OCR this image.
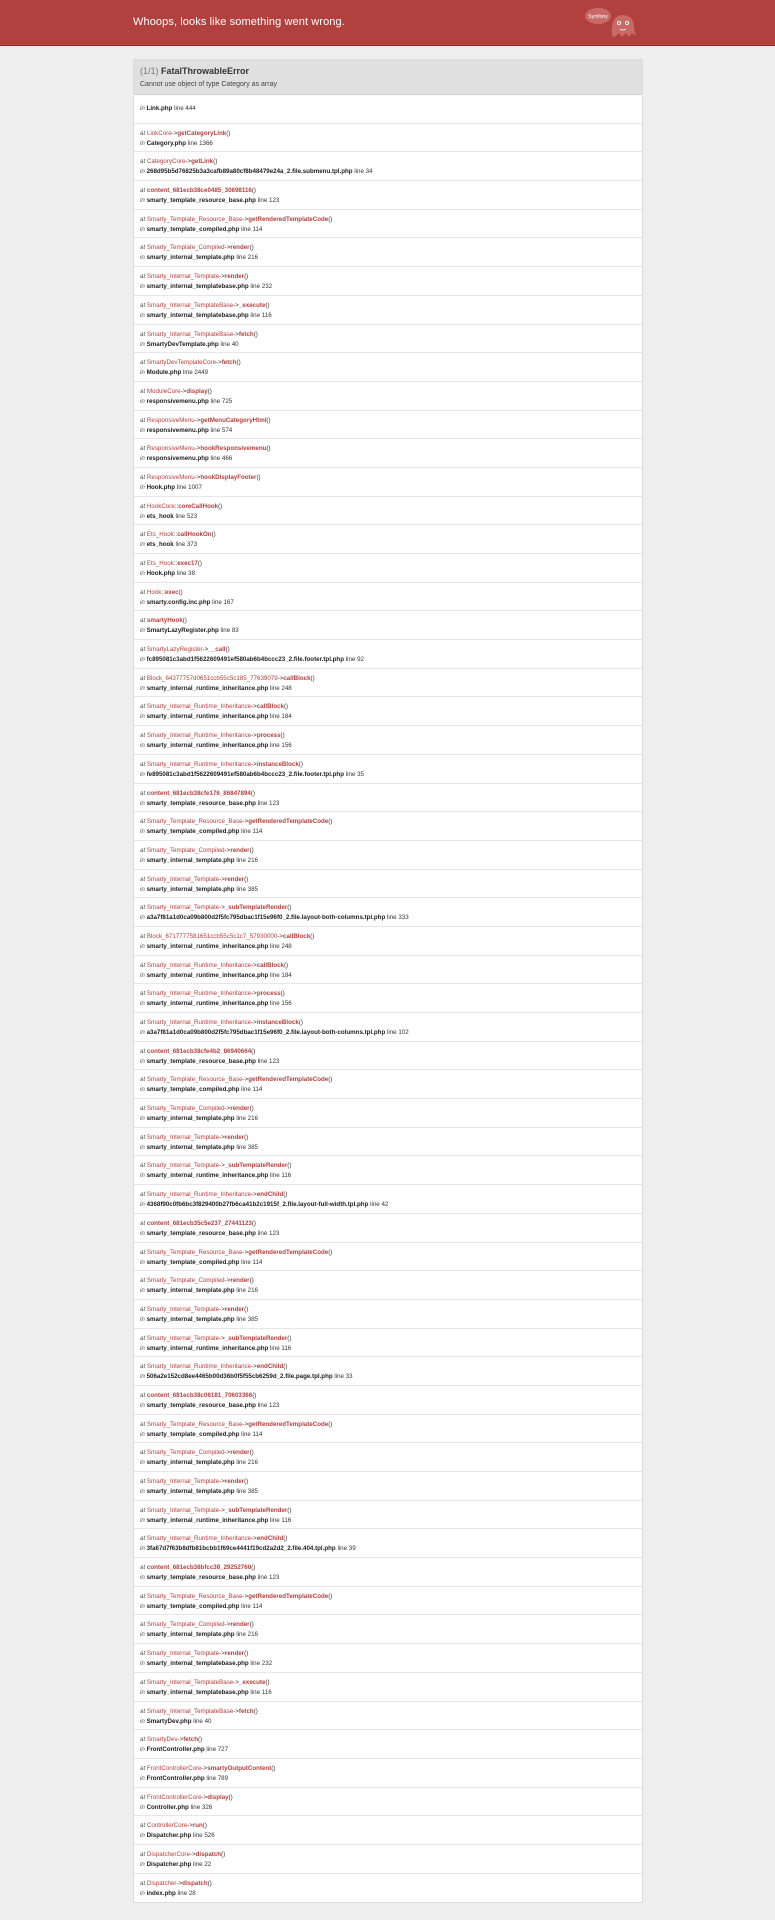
Whoops, looks like something went wrong.	Symfony
(1/1) FatalThrowableError
Cannot use object of type Category as array
in Link.php line 444
at LinkCore->getCategoryLink()
in Category.php line 1366
at CategoryCore->getLink()
in 268d95b5d76825b3a3cafb89a80cf8b48479e24a_2.file.submenu.tpl.php line 34
at content_681ecb38ce0485_30698116()
in smarty_template_resource_base.php line 123
at Smarty_Template_Resource_Base->getRenderedTemplateCode()
in smarty_template_compiled.php line 114
at Smarty_Template_Compiled->render()
in smarty_internal_template.php line 216
at Smarty_Internal_Template->render()
in smarty_internal_templatebase.php line 232
at Smarty_Internal_TemplateBase->_execute()
in smarty_internal_templatebase.php line 116
at Smarty_Internal_TemplateBase->fetch()
in SmartyDevTemplate.php line 40
at SmartyDevTemplateCore->fetch()
in Module.php line 2449
at ModuleCore->display()
in responsivemenu.php line 725
at ResponsiveMenu->getMenuCategoryHtml()
in responsivemenu.php line 574
at ResponsiveMenu->hookResponsivemenu()
in responsivemenu.php line 466
at ResponsiveMenu->hookDisplayFooter()
in Hook.php line 1007
at HookCore::coreCallHook()
in ets_hook line 523
at Ets_Hook::callHookOn()
in ets_hook line 373
at Ets_Hook::exec17()
in Hook.php line 38
at Hook::exec()
in smarty.config.inc.php line 167
at smartyHook()
in SmartyLazyRegister.php line 83
at SmartyLazyRegister->__call()
in fc895081c3abd1f5622609491ef580ab6b4bccc23_2.file.footer.tpl.php line 92
at Block_64377757d0651ccb55c5c185_77639079->callBlock()
in smarty_internal_runtime_inheritance.php line 248
at Smarty_Internal_Runtime_Inheritance->callBlock()
in smarty_internal_runtime_inheritance.php line 184
at Smarty_Internal_Runtime_Inheritance->process()
in smarty_internal_runtime_inheritance.php line 156
at Smarty_Internal_Runtime_Inheritance->instanceBlock()
in fe895081c3abd1f5622609491ef580ab6b4bccc23_2.file.footer.tpl.php line 35
at content_681ecb38cfe176_86847894()
in smarty_template_resource_base.php line 123
at Smarty_Template_Resource_Base->getRenderedTemplateCode()
in smarty_template_compiled.php line 114
at Smarty_Template_Compiled->render()
in smarty_internal_template.php line 216
at Smarty_Internal_Template->render()
in smarty_internal_template.php line 385
at Smarty_Internal_Template->_subTemplateRender()
in a3a7f81a1d0ca09b800d2f5fc795dbac1f15e96f0_2.file.layout-both-columns.tpl.php line 333
at Block_6717777581651ccb55c5c1c7_57930000->callBlock()
in smarty_internal_runtime_inheritance.php line 248
at Smarty_Internal_Runtime_Inheritance->callBlock()
in smarty_internal_runtime_inheritance.php line 184
at Smarty_Internal_Runtime_Inheritance->process()
in smarty_internal_runtime_inheritance.php line 156
at Smarty_Internal_Runtime_Inheritance->instanceBlock()
in a3a7f81a1d0ca09b800d2f5fc795dbac1f15e96f0_2.file.layout-both-columns.tpl.php line 102
at content_681ecb38cfe4b2_86940664()
in smarty_template_resource_base.php line 123
at Smarty_Template_Resource_Base->getRenderedTemplateCode()
in smarty_template_compiled.php line 114
at Smarty_Template_Compiled->render()
in smarty_internal_template.php line 216
at Smarty_Internal_Template->render()
in smarty_internal_template.php line 385
at Smarty_Internal_Template->_subTemplateRender()
in smarty_internal_runtime_inheritance.php line 116
at Smarty_Internal_Runtime_Inheritance->endChild()
in 4368f90c0fb6bc3f829400b27fb6ca41b2c1915f_2.file.layout-full-width.tpl.php line 42
at content_681ecb35c5e237_27441123()
in smarty_template_resource_base.php line 123
at Smarty_Template_Resource_Base->getRenderedTemplateCode()
in smarty_template_compiled.php line 114
at Smarty_Template_Compiled->render()
in smarty_internal_template.php line 216
at Smarty_Internal_Template->render()
in smarty_internal_template.php line 385
at Smarty_Internal_Template->_subTemplateRender()
in smarty_internal_runtime_inheritance.php line 116
at Smarty_Internal_Runtime_Inheritance->endChild()
in 506a2e152cd8ee4465b00d36b0f5f55cb6259d_2.file.page.tpl.php line 33
at content_681ecb38c06181_70603366()
in smarty_template_resource_base.php line 123
at Smarty_Template_Resource_Base->getRenderedTemplateCode()
in smarty_template_compiled.php line 114
at Smarty_Template_Compiled->render()
in smarty_internal_template.php line 216
at Smarty_Internal_Template->render()
in smarty_internal_template.php line 385
at Smarty_Internal_Template->_subTemplateRender()
in smarty_internal_runtime_inheritance.php line 116
at Smarty_Internal_Runtime_Inheritance->endChild()
in 3fa67d7f63b8dfb81bcbb1f69ce4441f19cd2a2d2_2.file.404.tpl.php line 39
at content_681ecb38bfcc38_29252760()
in smarty_template_resource_base.php line 123
at Smarty_Template_Resource_Base->getRenderedTemplateCode()
in smarty_template_compiled.php line 114
at Smarty_Template_Compiled->render()
in smarty_internal_template.php line 216
at Smarty_Internal_Template->render()
in smarty_internal_templatebase.php line 232
at Smarty_Internal_TemplateBase->_execute()
in smarty_internal_templatebase.php line 116
at Smarty_Internal_TemplateBase->fetch()
in SmartyDev.php line 40
at SmartyDev->fetch()
in FrontController.php line 727
at FrontControllerCore->smartyOutputContent()
in FrontController.php line 789
at FrontControllerCore->display()
in Controller.php line 326
at ControllerCore->run()
in Dispatcher.php line 526
at DispatcherCore->dispatch()
in Dispatcher.php line 22
at Dispatcher->dispatch()
in index.php line 28
